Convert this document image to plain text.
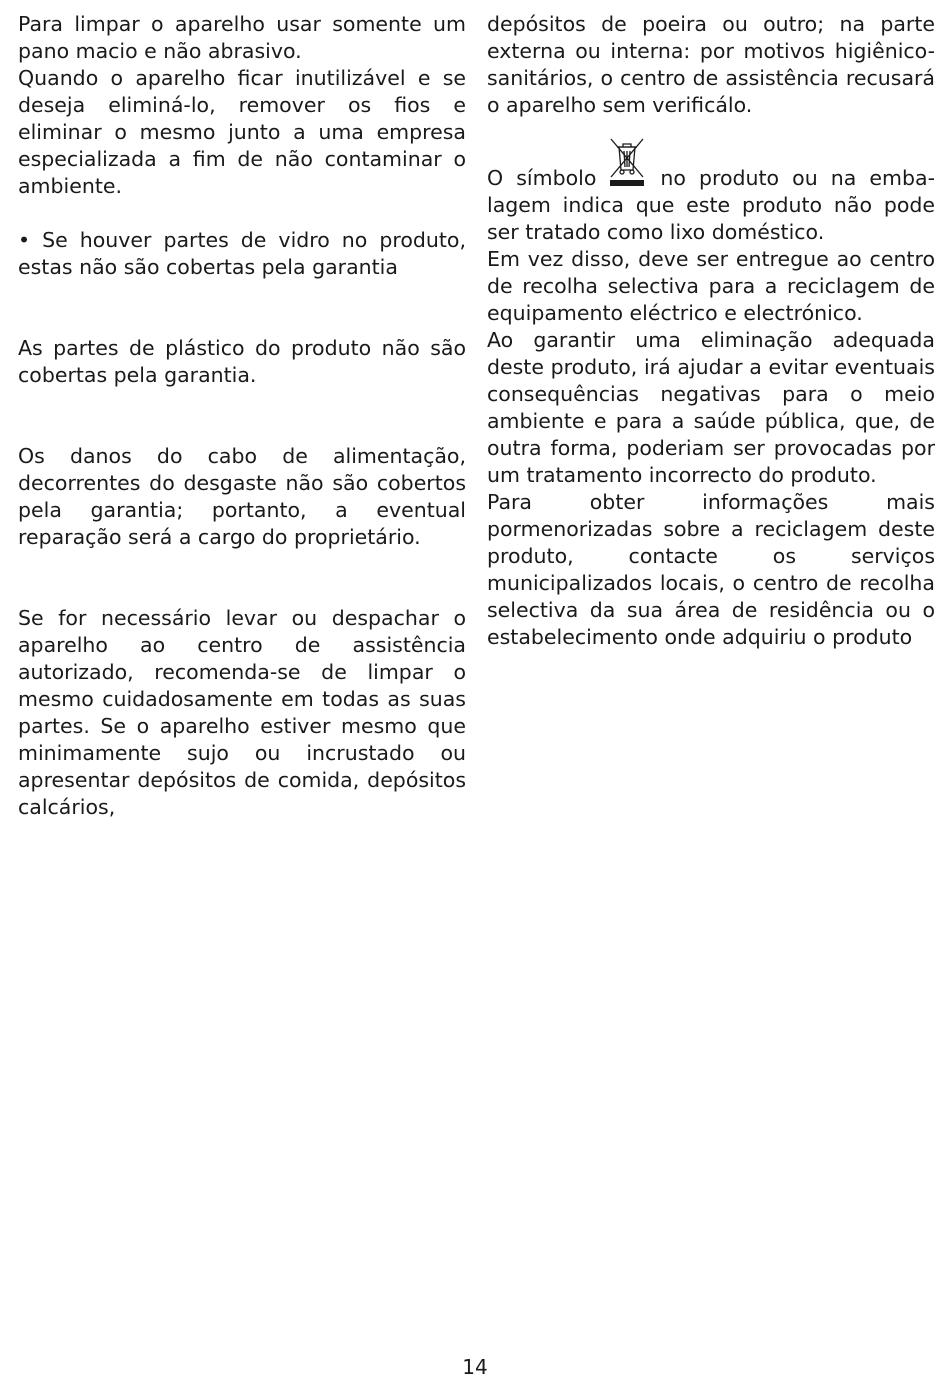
Para limpar o aparelho usar somente um pano macio e não abrasivo.

Quando o aparelho ficar inutilizável e se deseja eliminá-lo, remover os fios e eliminar o mesmo junto a uma empresa especializada a fim de não contaminar o ambiente.

• Se houver partes de vidro no produto, estas não são cobertas pela garantia

As partes de plástico do produto não são cobertas pela garantia.

Os danos do cabo de alimentação, decorrentes do desgaste não são cobertos pela garantia; portanto, a eventual reparação será a cargo do proprietário.

Se for necessário levar ou despachar o aparelho ao centro de assistência autorizado, recomenda-se de limpar o mesmo cuidadosamente em todas as suas partes. Se o aparelho estiver mesmo que minimamente sujo ou incrustado ou apresentar depósitos de comida, depósitos calcários,

depósitos de poeira ou outro; na parte externa ou interna: por motivos higiênico-sanitários, o centro de assistência recusará o aparelho sem verificálo.

O símbolo	no produto ou na emba-

lagem indica que este produto não pode ser tratado como lixo doméstico.

Em vez disso, deve ser entregue ao centro de recolha selectiva para a reciclagem de equipamento eléctrico e electrónico.

Ao garantir uma eliminação adequada deste produto, irá ajudar a evitar eventuais consequências negativas para o meio ambiente e para a saúde pública, que, de outra forma, poderiam ser provocadas por um tratamento incorrecto do produto.

Para obter informações mais pormenorizadas sobre a reciclagem deste produto, contacte os serviços municipalizados locais, o centro de recolha selectiva da sua área de residência ou o estabelecimento onde adquiriu o produto

14
